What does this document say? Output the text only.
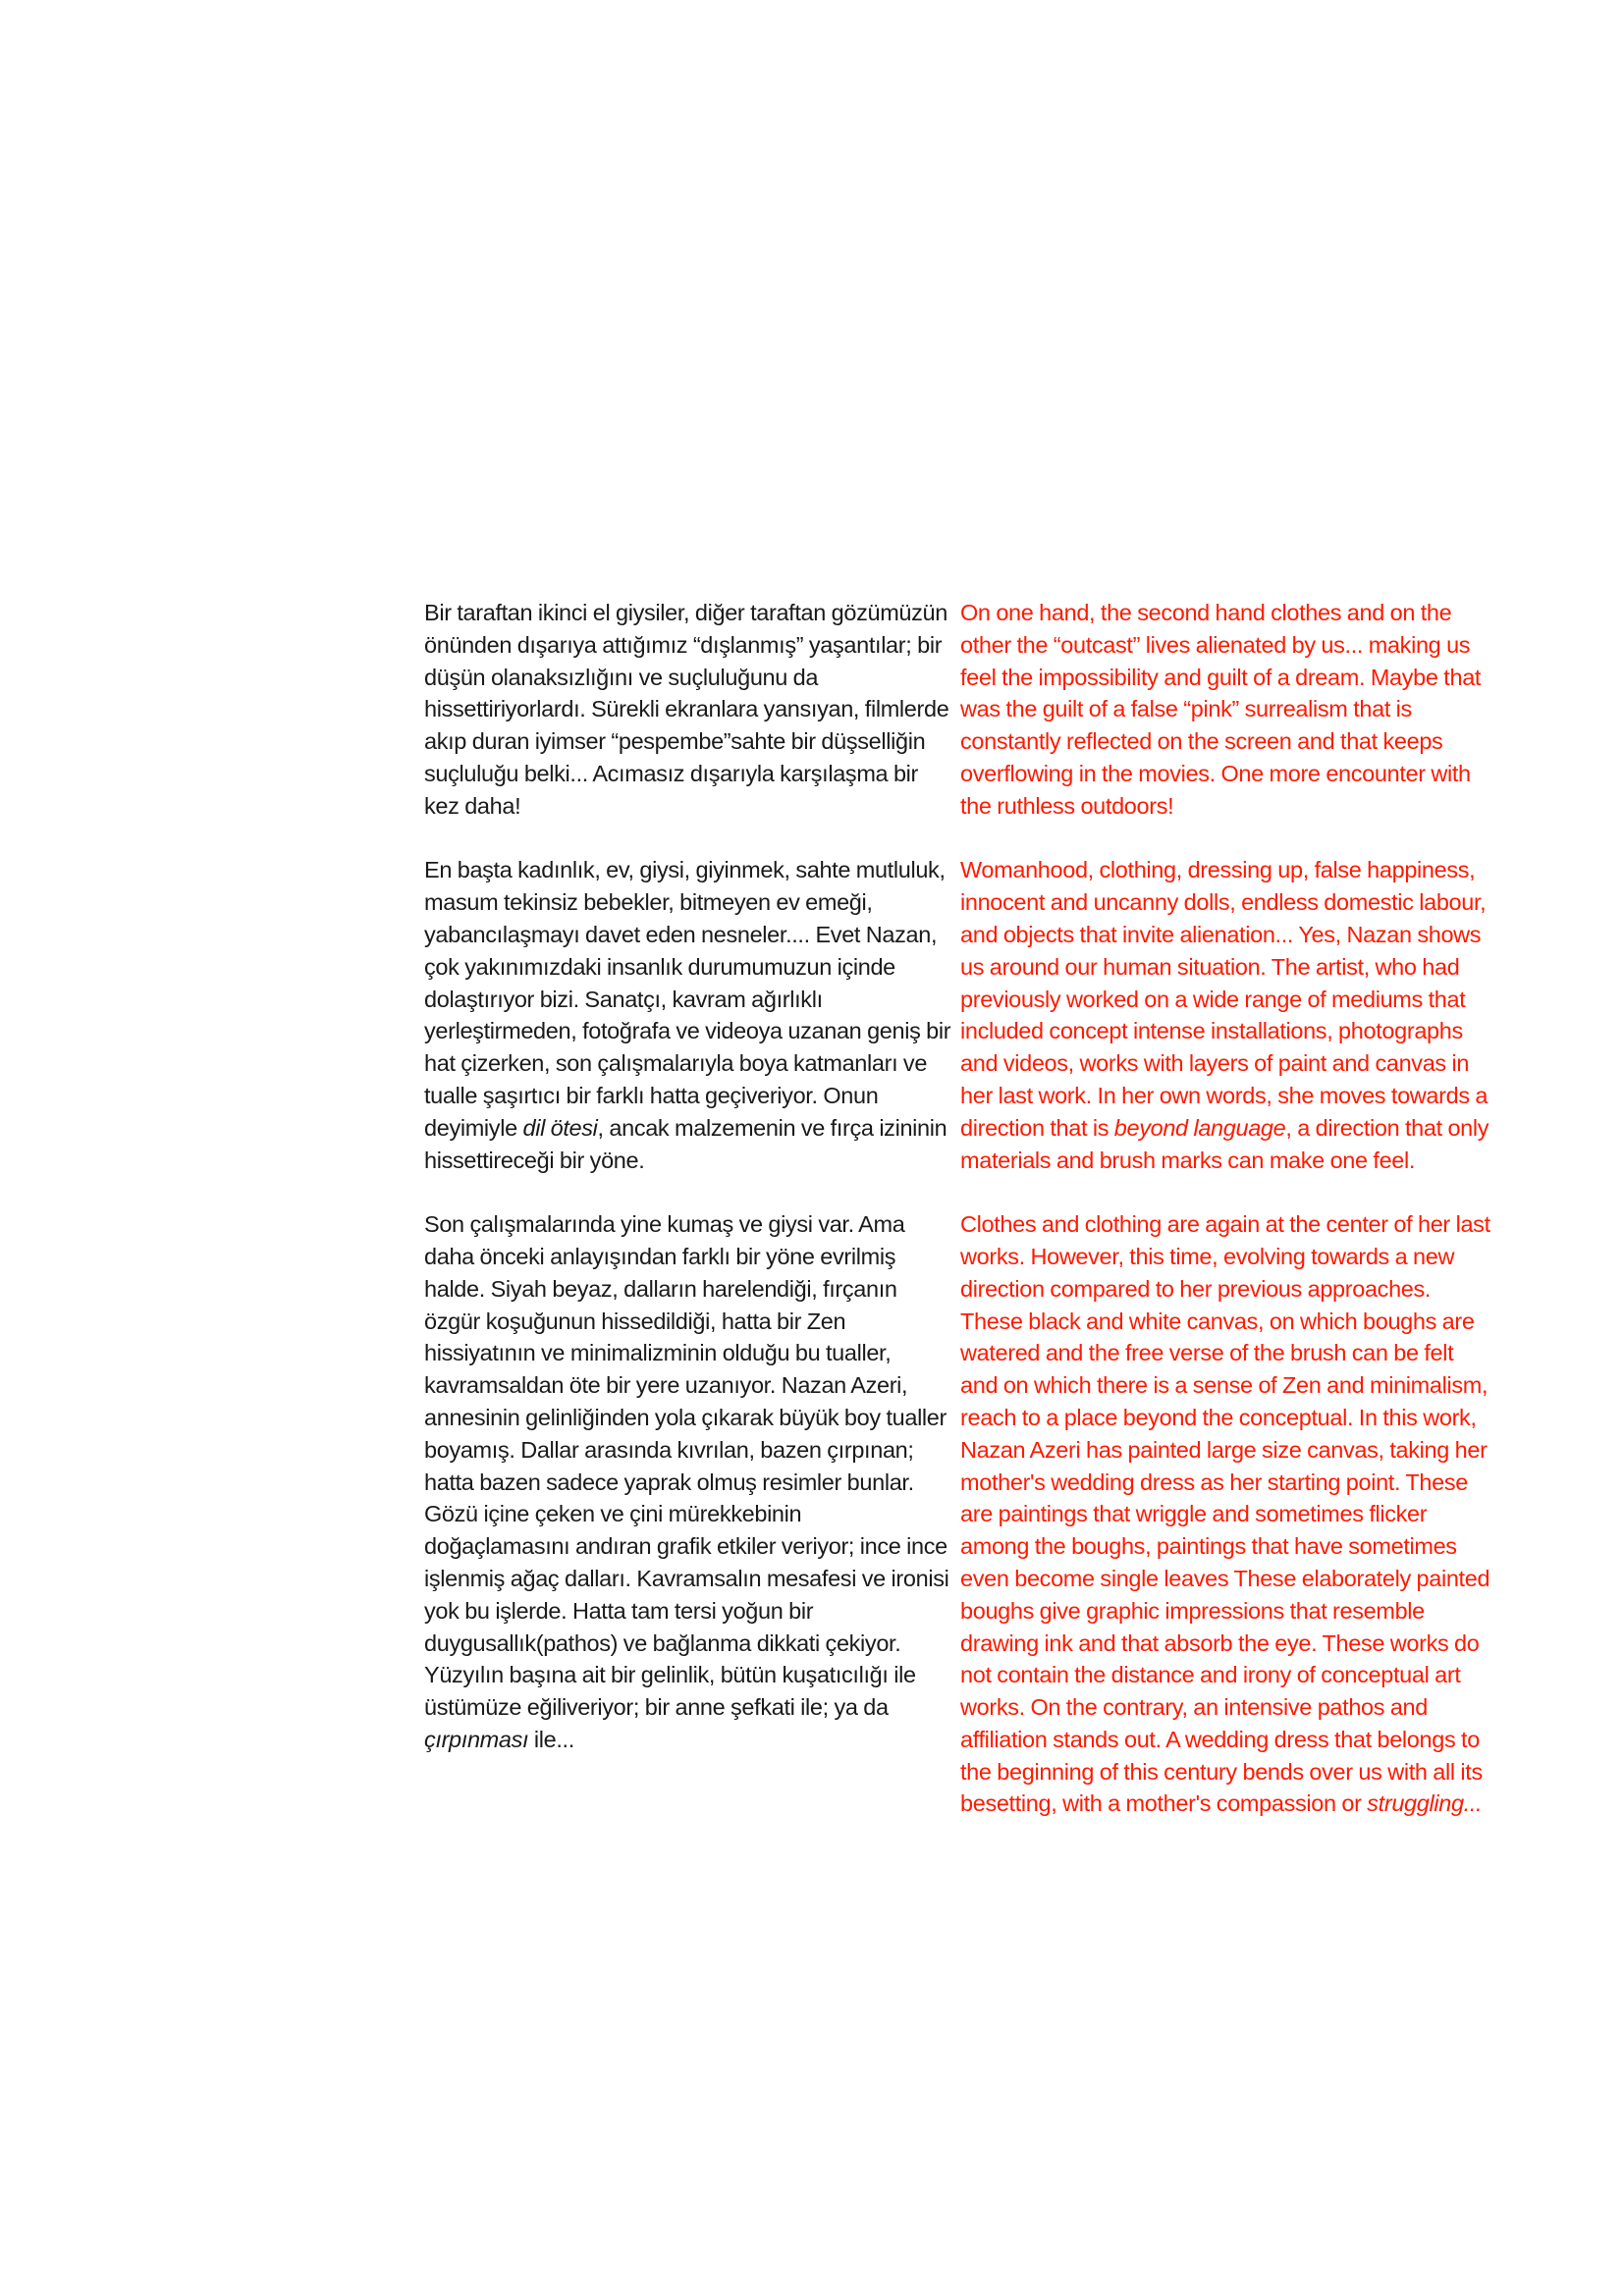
Bir taraftan ikinci el giysiler, diğer taraftan gözümüzün önünden dışarıya attığımız “dışlanmış” yaşantılar; bir düşün olanaksızlığını ve suçluluğunu da hissettiriyorlardı. Sürekli ekranlara yansıyan, filmlerde akıp duran iyimser “pespembe”sahte bir düşselliğin suçluluğu belki... Acımasız dışarıyla karşılaşma bir kez daha!

En başta kadınlık, ev, giysi, giyinmek, sahte mutluluk, masum tekinsiz bebekler, bitmeyen ev emeği, yabancılaşmayı davet eden nesneler.... Evet Nazan, çok yakınımızdaki insanlık durumumuzun içinde dolaştırıyor bizi. Sanatçı, kavram ağırlıklı yerleştirmeden, fotoğrafa ve videoya uzanan geniş bir hat çizerken, son çalışmalarıyla boya katmanları ve tualle şaşırtıcı bir farklı hatta geçiveriyor. Onun deyimiyle dil ötesi, ancak malzemenin ve fırça izininin hissettireceği bir yöne.

Son çalışmalarında yine kumaş ve giysi var. Ama daha önceki anlayışından farklı bir yöne evrilmiş halde. Siyah beyaz, dalların harelendiği, fırçanın özgür koşuğunun hissedildiği, hatta bir Zen hissiyatının ve minimalizminin olduğu bu tualler, kavramsaldan öte bir yere uzanıyor. Nazan Azeri, annesinin gelinliğinden yola çıkarak büyük boy tualler boyamış. Dallar arasında kıvrılan, bazen çırpınan; hatta bazen sadece yaprak olmuş resimler bunlar. Gözü içine çeken ve çini mürekkebinin doğaçlamasını andıran grafik etkiler veriyor; ince ince işlenmiş ağaç dalları. Kavramsalın mesafesi ve ironisi yok bu işlerde. Hatta tam tersi yoğun bir duygusallık(pathos) ve bağlanma dikkati çekiyor. Yüzyılın başına ait bir gelinlik, bütün kuşatıcılığı ile üstümüze eğiliveriyor; bir anne şefkati ile; ya da çırpınması ile...

On one hand, the second hand clothes and on the other the “outcast” lives alienated by us... making us feel the impossibility and guilt of a dream. Maybe that was the guilt of a false “pink” surrealism that is constantly reflected on the screen and that keeps overflowing in the movies. One more encounter with the ruthless outdoors!

Womanhood, clothing, dressing up, false happiness, innocent and uncanny dolls, endless domestic labour, and objects that invite alienation... Yes, Nazan shows us around our human situation. The artist, who had previously worked on a wide range of mediums that included concept intense installations, photographs and videos, works with layers of paint and canvas in her last work. In her own words, she moves towards a direction that is beyond language, a direction that only materials and brush marks can make one feel.

Clothes and clothing are again at the center of her last works. However, this time, evolving towards a new direction compared to her previous approaches. These black and white canvas, on which boughs are watered and the free verse of the brush can be felt and on which there is a sense of Zen and minimalism, reach to a place beyond the conceptual. In this work, Nazan Azeri has painted large size canvas, taking her mother's wedding dress as her starting point. These are paintings that wriggle and sometimes flicker among the boughs, paintings that have sometimes even become single leaves These elaborately painted boughs give graphic impressions that resemble drawing ink and that absorb the eye. These works do not contain the distance and irony of conceptual art works. On the contrary, an intensive pathos and affiliation stands out. A wedding dress that belongs to the beginning of this century bends over us with all its besetting, with a mother's compassion or struggling...
